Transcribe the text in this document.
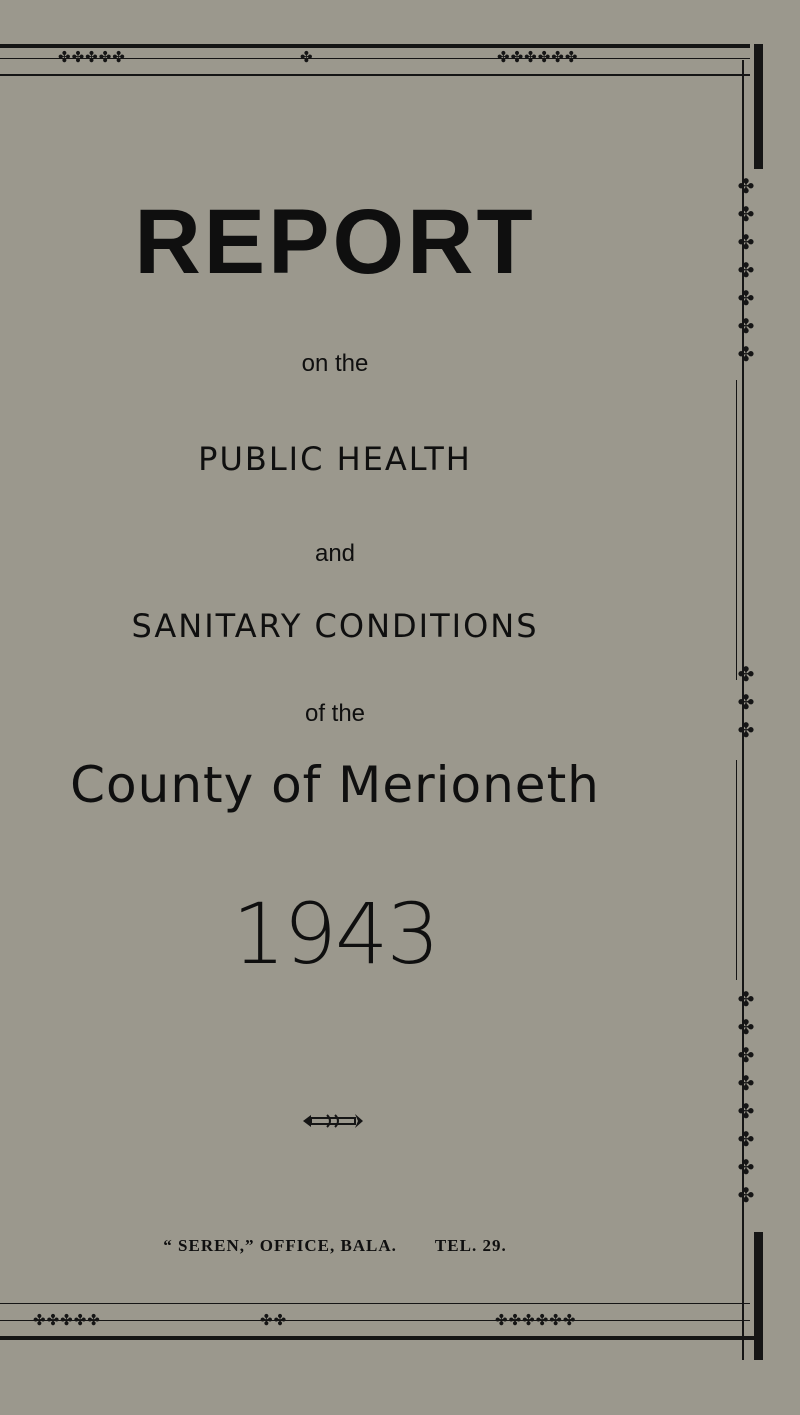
✤✤✤✤✤	✤	✤✤✤✤✤✤
✤
✤
✤
✤
✤
✤
✤
✤
✤
✤
✤
✤
✤
✤
✤
✤
✤
✤
✤✤✤✤✤	✤✤	✤✤✤✤✤✤
REPORT
on the
PUBLIC HEALTH
and
SANITARY CONDITIONS
of the
County of Merioneth
1943
“ SEREN,” OFFICE, BALA. TEL. 29.
